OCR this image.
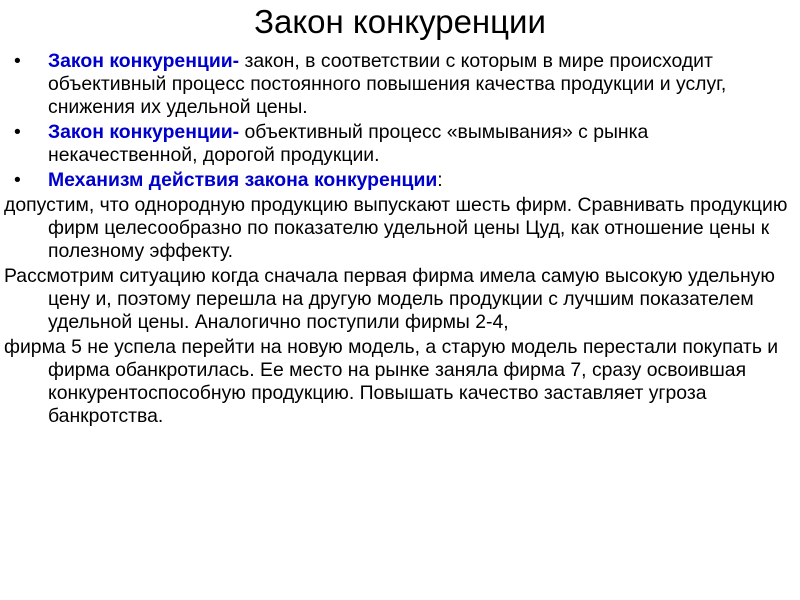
Закон конкуренции
•	Закон конкуренции- закон, в соответствии с которым в мире происходит объективный процесс постоянного повышения качества продукции и услуг, снижения их удельной цены.
•	Закон конкуренции- объективный процесс «вымывания» с рынка некачественной, дорогой продукции.
•	Механизм действия закона конкуренции:
допустим, что однородную продукцию выпускают шесть фирм. Сравнивать продукцию фирм целесообразно по показателю удельной цены Цуд, как отношение цены к полезному эффекту.
Рассмотрим ситуацию когда сначала первая фирма имела самую высокую удельную цену и, поэтому перешла на другую модель продукции с лучшим показателем удельной цены. Аналогично поступили фирмы 2-4,
фирма 5 не успела перейти на новую модель, а старую модель перестали покупать и фирма обанкротилась. Ее место на рынке заняла фирма 7, сразу освоившая конкурентоспособную продукцию. Повышать качество заставляет угроза банкротства.
